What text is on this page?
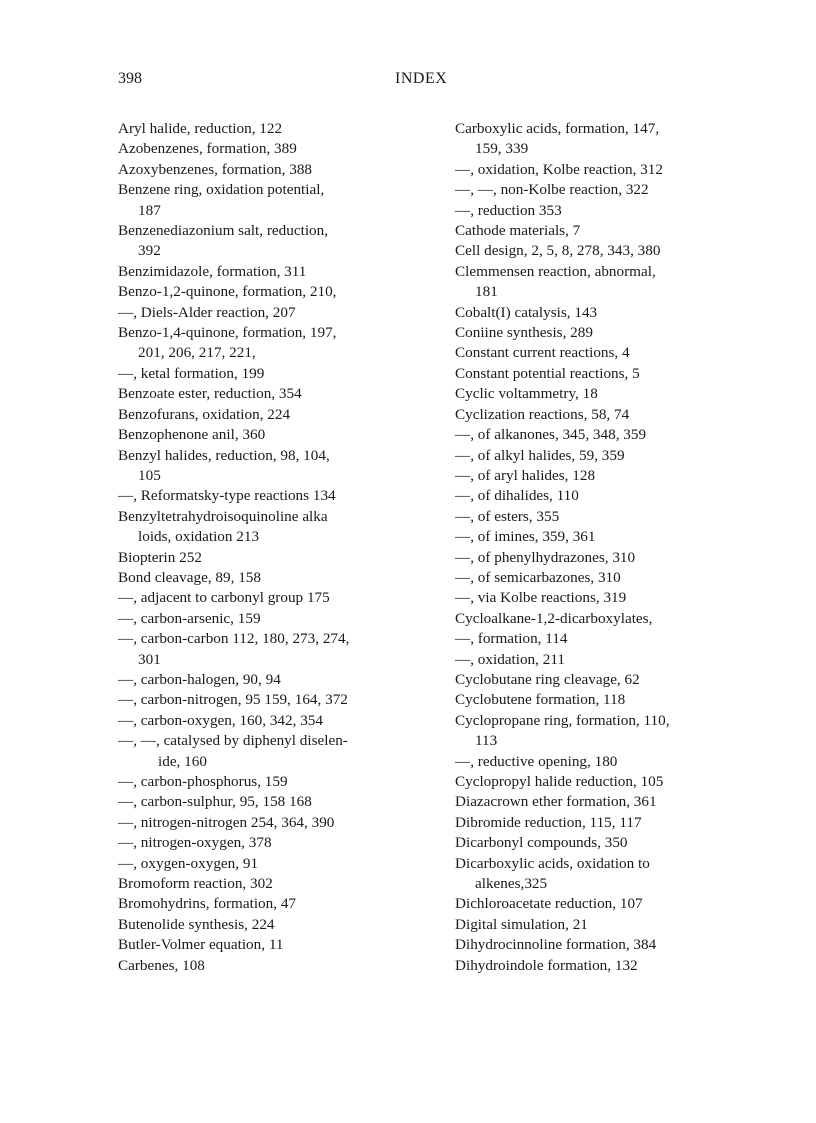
398	INDEX
Aryl halide, reduction, 122
Azobenzenes, formation, 389
Azoxybenzenes, formation, 388
Benzene ring, oxidation potential,
187
Benzenediazonium salt, reduction,
392
Benzimidazole, formation, 311
Benzo-1,2-quinone, formation, 210,
—, Diels-Alder reaction, 207
Benzo-1,4-quinone, formation, 197,
201, 206, 217, 221,
—, ketal formation, 199
Benzoate ester, reduction, 354
Benzofurans, oxidation, 224
Benzophenone anil, 360
Benzyl halides, reduction, 98, 104,
105
—, Reformatsky-type reactions 134
Benzyltetrahydroisoquinoline alka
loids, oxidation 213
Biopterin 252
Bond cleavage, 89, 158
—, adjacent to carbonyl group 175
—, carbon-arsenic, 159
—, carbon-carbon 112, 180, 273, 274,
301
—, carbon-halogen, 90, 94
—, carbon-nitrogen, 95 159, 164, 372
—, carbon-oxygen, 160, 342, 354
—, —, catalysed by diphenyl diselen-
ide, 160
—, carbon-phosphorus, 159
—, carbon-sulphur, 95, 158 168
—, nitrogen-nitrogen 254, 364, 390
—, nitrogen-oxygen, 378
—, oxygen-oxygen, 91
Bromoform reaction, 302
Bromohydrins, formation, 47
Butenolide synthesis, 224
Butler-Volmer equation, 11
Carbenes, 108
Carboxylic acids, formation, 147,
159, 339
—, oxidation, Kolbe reaction, 312
—, —, non-Kolbe reaction, 322
—, reduction 353
Cathode materials, 7
Cell design, 2, 5, 8, 278, 343, 380
Clemmensen reaction, abnormal,
181
Cobalt(I) catalysis, 143
Coniine synthesis, 289
Constant current reactions, 4
Constant potential reactions, 5
Cyclic voltammetry, 18
Cyclization reactions, 58, 74
—, of alkanones, 345, 348, 359
—, of alkyl halides, 59, 359
—, of aryl halides, 128
—, of dihalides, 110
—, of esters, 355
—, of imines, 359, 361
—, of phenylhydrazones, 310
—, of semicarbazones, 310
—, via Kolbe reactions, 319
Cycloalkane-1,2-dicarboxylates,
—, formation, 114
—, oxidation, 211
Cyclobutane ring cleavage, 62
Cyclobutene formation, 118
Cyclopropane ring, formation, 110,
113
—, reductive opening, 180
Cyclopropyl halide reduction, 105
Diazacrown ether formation, 361
Dibromide reduction, 115, 117
Dicarbonyl compounds, 350
Dicarboxylic acids, oxidation to
alkenes,325
Dichloroacetate reduction, 107
Digital simulation, 21
Dihydrocinnoline formation, 384
Dihydroindole formation, 132
